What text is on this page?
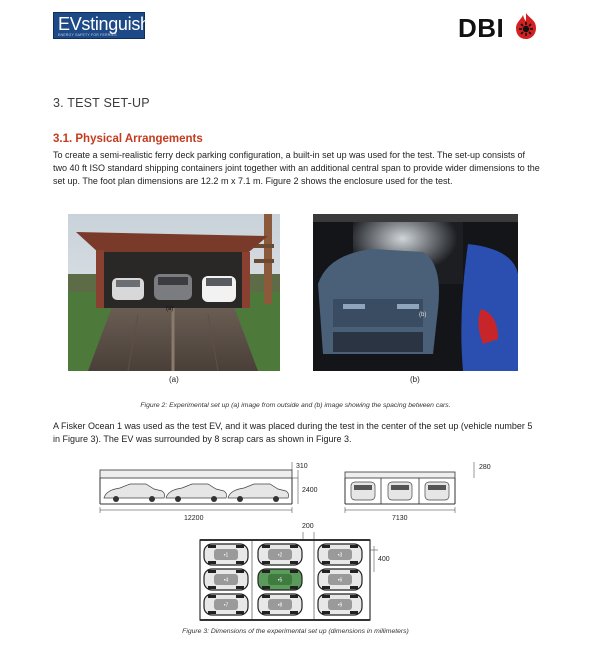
EVstinguish
ENERGY SAFETY FOR FERRIES	DBI
3. TEST SET-UP
3.1. Physical Arrangements
To create a semi-realistic ferry deck parking configuration, a built-in set up was used for the test. The set-up consists of two 40 ft ISO standard shipping containers joint together with an additional central span to provide wider dimensions to the set up. The foot plan dimensions are 12.2 m x 7.1 m. Figure 2 shows the enclosure used for the test.
(a)
(b)
(a)	(b)
Figure 2: Experimental set up (a) image from outside and (b) image showing the spacing between cars.
A Fisker Ocean 1 was used as the test EV, and it was placed during the test in the center of the set up (vehicle number 5 in Figure 3). The EV was surrounded by 8 scrap cars as shown in Figure 3.
310
2400
12200
280
7130
200
400
•1	•2	•3
•4	•5	•6
•7	•8	•9
Figure 3: Dimensions of the experimental set up (dimensions in millimeters)
